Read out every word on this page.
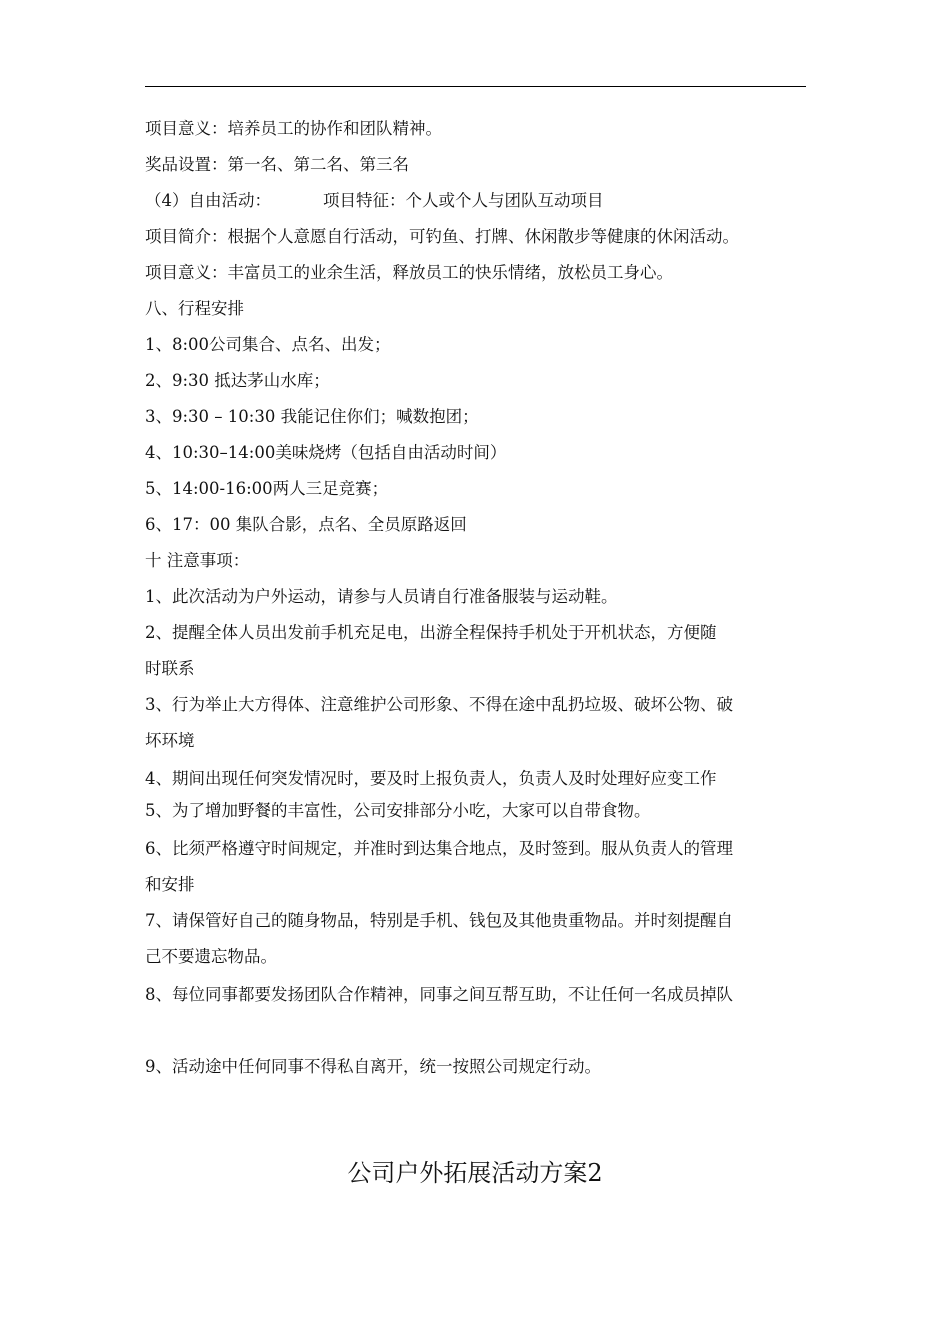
项目意义：培养员工的协作和团队精神。
奖品设置：第一名、第二名、第三名
（4）自由活动：	项目特征：个人或个人与团队互动项目
项目简介：根据个人意愿自行活动，可钓鱼、打牌、休闲散步等健康的休闲活动。
项目意义：丰富员工的业余生活，释放员工的快乐情绪，放松员工身心。
八、行程安排
1、8:00公司集合、点名、出发；
2、9:30 抵达茅山水库；
3、9:30 – 10:30 我能记住你们；喊数抱团；
4、10:30–14:00美味烧烤（包括自由活动时间）
5、14:00-16:00两人三足竞赛；
6、17：00 集队合影，点名、全员原路返回
十 注意事项：
1、此次活动为户外运动，请参与人员请自行准备服装与运动鞋。
2、提醒全体人员出发前手机充足电，出游全程保持手机处于开机状态，方便随
时联系
3、行为举止大方得体、注意维护公司形象、不得在途中乱扔垃圾、破坏公物、破
坏环境
4、期间出现任何突发情况时，要及时上报负责人，负责人及时处理好应变工作
5、为了增加野餐的丰富性，公司安排部分小吃，大家可以自带食物。
6、比须严格遵守时间规定，并准时到达集合地点，及时签到。服从负责人的管理
和安排
7、请保管好自己的随身物品，特别是手机、钱包及其他贵重物品。并时刻提醒自
己不要遗忘物品。
8、每位同事都要发扬团队合作精神，同事之间互帮互助，不让任何一名成员掉队
9、活动途中任何同事不得私自离开，统一按照公司规定行动。
公司户外拓展活动方案2
